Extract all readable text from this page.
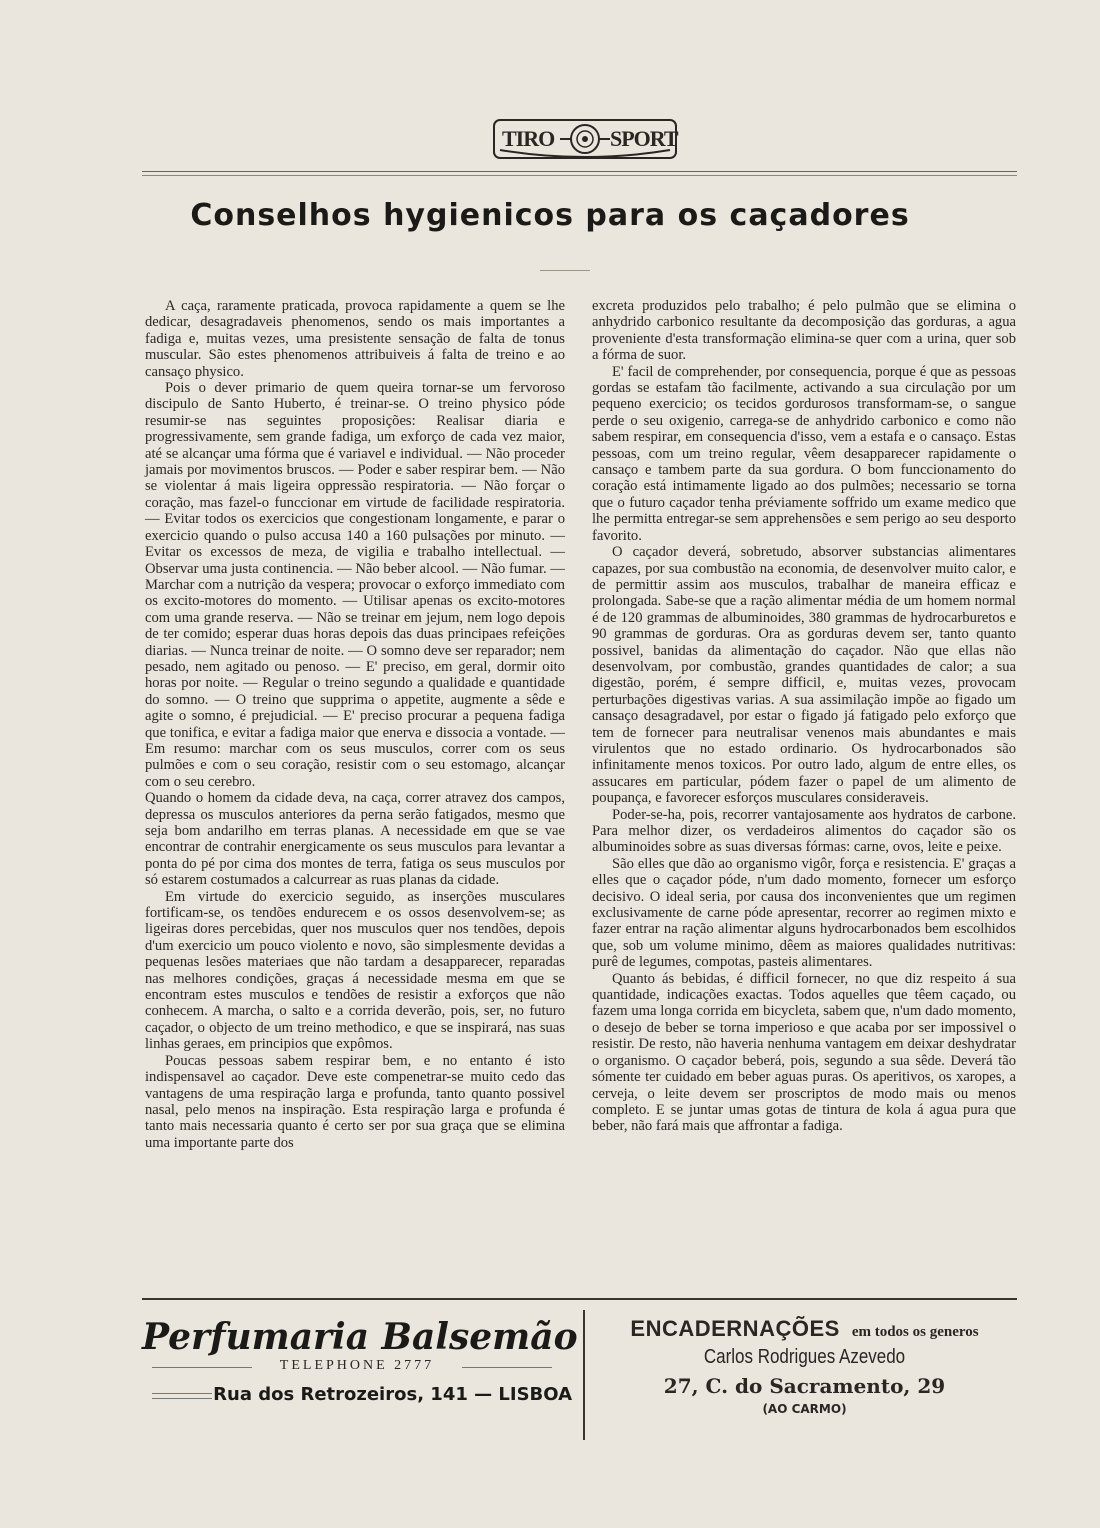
TIRO	SPORT
Conselhos hygienicos para os caçadores

A caça, raramente praticada, provoca rapidamente a quem se lhe dedicar, desagradaveis phenomenos, sendo os mais importantes a fadiga e, muitas vezes, uma presistente sensação de falta de tonus muscular. São estes phenomenos attribuiveis á falta de treino e ao cansaço physico.

Pois o dever primario de quem queira tornar-se um fervoroso discipulo de Santo Huberto, é treinar-se. O treino physico póde resumir-se nas seguintes proposições: Realisar diaria e progressivamente, sem grande fadiga, um exforço de cada vez maior, até se alcançar uma fórma que é variavel e individual. — Não proceder jamais por movimentos bruscos. — Poder e saber respirar bem. — Não se violentar á mais ligeira oppressão respiratoria. — Não forçar o coração, mas fazel-o funccionar em virtude de facilidade respiratoria. — Evitar todos os exercicios que congestionam longamente, e parar o exercicio quando o pulso accusa 140 a 160 pulsações por minuto. — Evitar os excessos de meza, de vigilia e trabalho intellectual. — Observar uma justa continencia. — Não beber alcool. — Não fumar. — Marchar com a nutrição da vespera; provocar o exforço immediato com os excito-motores do momento. — Utilisar apenas os excito-motores com uma grande reserva. — Não se treinar em jejum, nem logo depois de ter comido; esperar duas horas depois das duas principaes refeições diarias. — Nunca treinar de noite. — O somno deve ser reparador; nem pesado, nem agitado ou penoso. — E' preciso, em geral, dormir oito horas por noite. — Regular o treino segundo a qualidade e quantidade do somno. — O treino que supprima o appetite, augmente a sêde e agite o somno, é prejudicial. — E' preciso procurar a pequena fadiga que tonifica, e evitar a fadiga maior que enerva e dissocia a vontade. — Em resumo: marchar com os seus musculos, correr com os seus pulmões e com o seu coração, resistir com o seu estomago, alcançar com o seu cerebro.

Quando o homem da cidade deva, na caça, correr atravez dos campos, depressa os musculos anteriores da perna serão fatigados, mesmo que seja bom andarilho em terras planas. A necessidade em que se vae encontrar de contrahir energicamente os seus musculos para levantar a ponta do pé por cima dos montes de terra, fatiga os seus musculos por só estarem costumados a calcurrear as ruas planas da cidade.

Em virtude do exercicio seguido, as inserções musculares fortificam-se, os tendões endurecem e os ossos desenvolvem-se; as ligeiras dores percebidas, quer nos musculos quer nos tendões, depois d'um exercicio um pouco violento e novo, são simplesmente devidas a pequenas lesões materiaes que não tardam a desapparecer, reparadas nas melhores condições, graças á necessidade mesma em que se encontram estes musculos e tendões de resistir a exforços que não conhecem. A marcha, o salto e a corrida deverão, pois, ser, no futuro caçador, o objecto de um treino methodico, e que se inspirará, nas suas linhas geraes, em principios que expômos.

Poucas pessoas sabem respirar bem, e no entanto é isto indispensavel ao caçador. Deve este compenetrar-se muito cedo das vantagens de uma respiração larga e profunda, tanto quanto possivel nasal, pelo menos na inspiração. Esta respiração larga e profunda é tanto mais necessaria quanto é certo ser por sua graça que se elimina uma importante parte dos

excreta produzidos pelo trabalho; é pelo pulmão que se elimina o anhydrido carbonico resultante da decomposição das gorduras, a agua proveniente d'esta transformação elimina-se quer com a urina, quer sob a fórma de suor.

E' facil de comprehender, por consequencia, porque é que as pessoas gordas se estafam tão facilmente, activando a sua circulação por um pequeno exercicio; os tecidos gordurosos transformam-se, o sangue perde o seu oxigenio, carrega-se de anhydrido carbonico e como não sabem respirar, em consequencia d'isso, vem a estafa e o cansaço. Estas pessoas, com um treino regular, vêem desapparecer rapidamente o cansaço e tambem parte da sua gordura. O bom funccionamento do coração está intimamente ligado ao dos pulmões; necessario se torna que o futuro caçador tenha préviamente soffrido um exame medico que lhe permitta entregar-se sem apprehensões e sem perigo ao seu desporto favorito.

O caçador deverá, sobretudo, absorver substancias alimentares capazes, por sua combustão na economia, de desenvolver muito calor, e de permittir assim aos musculos, trabalhar de maneira efficaz e prolongada. Sabe-se que a ração alimentar média de um homem normal é de 120 grammas de albuminoides, 380 grammas de hydrocarburetos e 90 grammas de gorduras. Ora as gorduras devem ser, tanto quanto possivel, banidas da alimentação do caçador. Não que ellas não desenvolvam, por combustão, grandes quantidades de calor; a sua digestão, porém, é sempre difficil, e, muitas vezes, provocam perturbações digestivas varias. A sua assimilação impõe ao figado um cansaço desagradavel, por estar o figado já fatigado pelo exforço que tem de fornecer para neutralisar venenos mais abundantes e mais virulentos que no estado ordinario. Os hydrocarbonados são infinitamente menos toxicos. Por outro lado, algum de entre elles, os assucares em particular, pódem fazer o papel de um alimento de poupança, e favorecer esforços musculares consideraveis.

Poder-se-ha, pois, recorrer vantajosamente aos hydratos de carbone. Para melhor dizer, os verdadeiros alimentos do caçador são os albuminoides sobre as suas diversas fórmas: carne, ovos, leite e peixe.

São elles que dão ao organismo vigôr, força e resistencia. E' graças a elles que o caçador póde, n'um dado momento, fornecer um esforço decisivo. O ideal seria, por causa dos inconvenientes que um regimen exclusivamente de carne póde apresentar, recorrer ao regimen mixto e fazer entrar na ração alimentar alguns hydrocarbonados bem escolhidos que, sob um volume minimo, dêem as maiores qualidades nutritivas: purê de legumes, compotas, pasteis alimentares.

Quanto ás bebidas, é difficil fornecer, no que diz respeito á sua quantidade, indicações exactas. Todos aquelles que têem caçado, ou fazem uma longa corrida em bicycleta, sabem que, n'um dado momento, o desejo de beber se torna imperioso e que acaba por ser impossivel o resistir. De resto, não haveria nenhuma vantagem em deixar deshydratar o organismo. O caçador beberá, pois, segundo a sua sêde. Deverá tão sómente ter cuidado em beber aguas puras. Os aperitivos, os xaropes, a cerveja, o leite devem ser proscriptos de modo mais ou menos completo. E se juntar umas gotas de tintura de kola á agua pura que beber, não fará mais que affrontar a fadiga.

Perfumaria Balsemão
TELEPHONE 2777
Rua dos Retrozeiros, 141 — LISBOA
ENCADERNAÇÕES em todos os generos
Carlos Rodrigues Azevedo
27, C. do Sacramento, 29
(AO CARMO)
